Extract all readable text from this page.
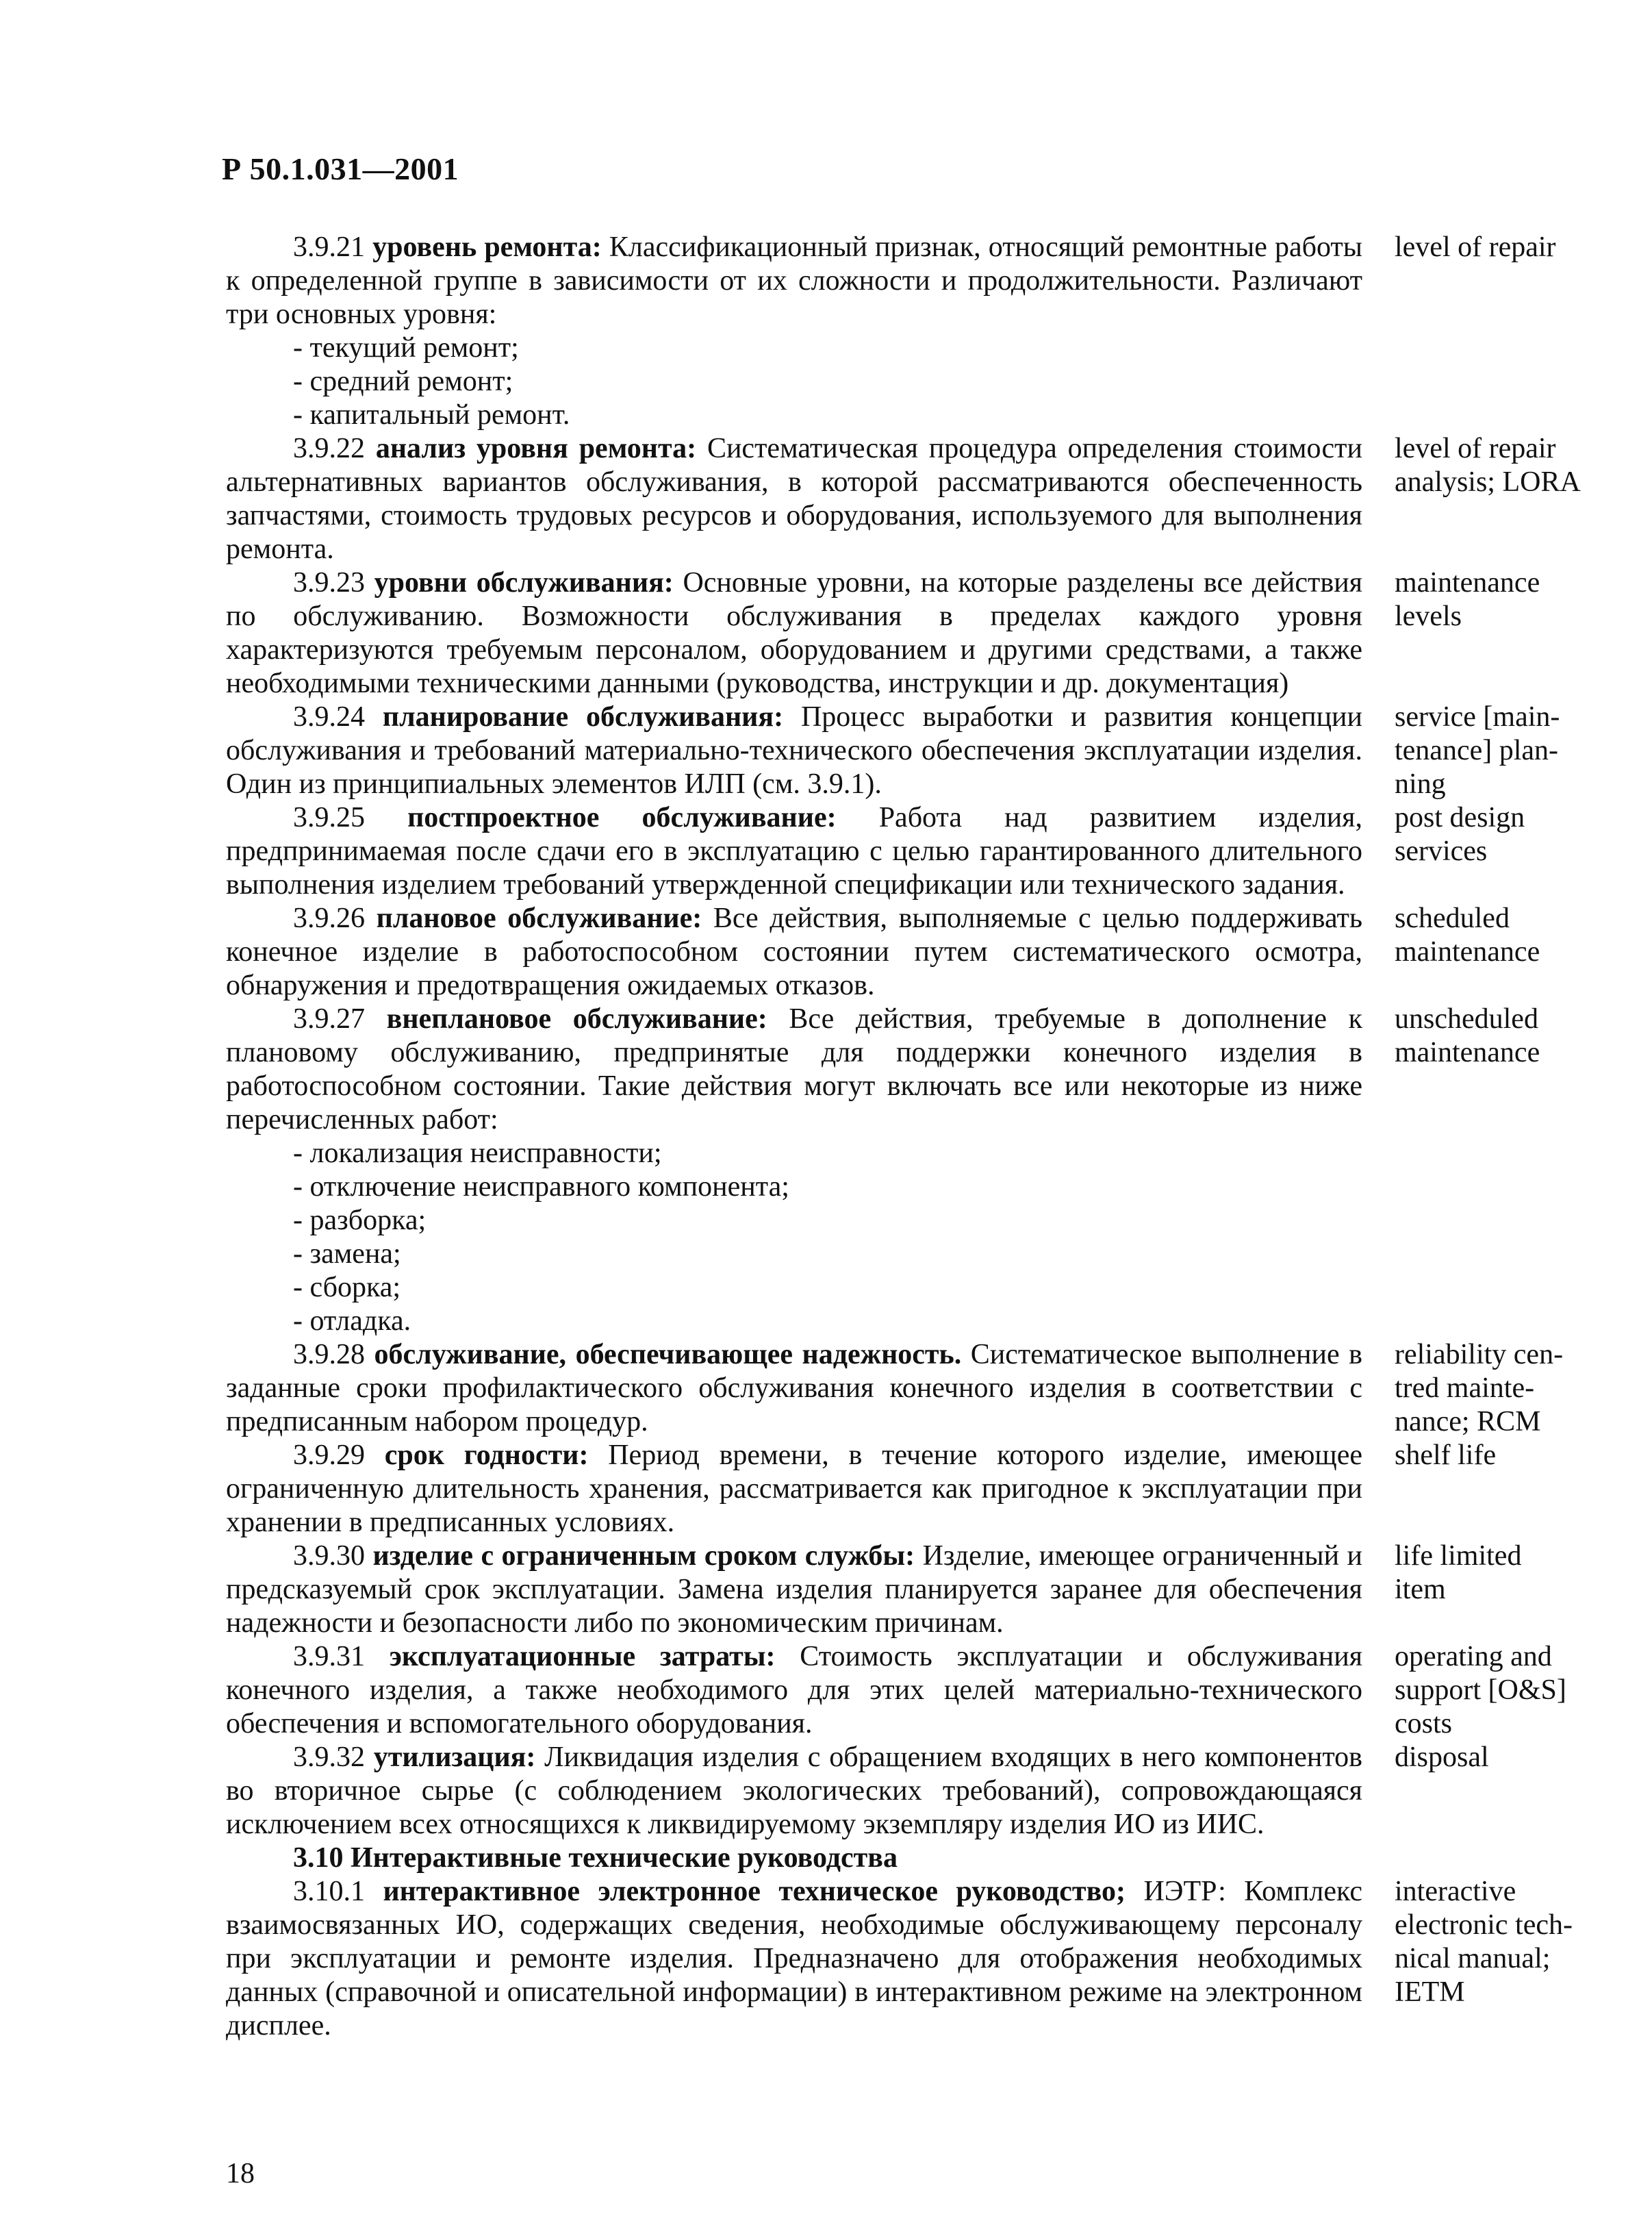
Р 50.1.031—2001
3.9.21 уровень ремонта: Классификационный признак, относящий ремонтные работы к определенной группе в зависимости от их сложности и продолжительности. Различают три основных уровня:
- текущий ремонт;
- средний ремонт;
- капитальный ремонт.
level of repair
3.9.22 анализ уровня ремонта: Систематическая процедура определения стоимости альтернативных вариантов обслуживания, в которой рассматриваются обеспеченность запчастями, стоимость трудовых ресурсов и оборудования, используемого для выполнения ремонта.
level of repair
analysis; LORA
3.9.23 уровни обслуживания: Основные уровни, на которые разделены все действия по обслуживанию. Возможности обслуживания в пределах каждого уровня характеризуются требуемым персоналом, оборудованием и другими средствами, а также необходимыми техническими данными (руководства, инструкции и др. документация)
maintenance
levels
3.9.24 планирование обслуживания: Процесс выработки и развития концепции обслуживания и требований материально-технического обеспечения эксплуатации изделия. Один из принципиальных элементов ИЛП (см. 3.9.1).
service [main-
tenance] plan-
ning
3.9.25 постпроектное обслуживание: Работа над развитием изделия, предпринимаемая после сдачи его в эксплуатацию с целью гарантированного длительного выполнения изделием требований утвержденной спецификации или технического задания.
post design
services
3.9.26 плановое обслуживание: Все действия, выполняемые с целью поддерживать конечное изделие в работоспособном состоянии путем систематического осмотра, обнаружения и предотвращения ожидаемых отказов.
scheduled
maintenance
3.9.27 внеплановое обслуживание: Все действия, требуемые в дополнение к плановому обслуживанию, предпринятые для поддержки конечного изделия в работоспособном состоянии. Такие действия могут включать все или некоторые из ниже перечисленных работ:
- локализация неисправности;
- отключение неисправного компонента;
- разборка;
- замена;
- сборка;
- отладка.
unscheduled
maintenance
3.9.28 обслуживание, обеспечивающее надежность. Систематическое выполнение в заданные сроки профилактического обслуживания конечного изделия в соответствии с предписанным набором процедур.
reliability cen-
tred mainte-
nance; RCM
3.9.29 срок годности: Период времени, в течение которого изделие, имеющее ограниченную длительность хранения, рассматривается как пригодное к эксплуатации при хранении в предписанных условиях.
shelf life
3.9.30 изделие с ограниченным сроком службы: Изделие, имеющее ограниченный и предсказуемый срок эксплуатации. Замена изделия планируется заранее для обеспечения надежности и безопасности либо по экономическим причинам.
life limited
item
3.9.31 эксплуатационные затраты: Стоимость эксплуатации и обслуживания конечного изделия, а также необходимого для этих целей материально-технического обеспечения и вспомогательного оборудования.
operating and
support [O&S]
costs
3.9.32 утилизация: Ликвидация изделия с обращением входящих в него компонентов во вторичное сырье (с соблюдением экологических требований), сопровождающаяся исключением всех относящихся к ликвидируемому экземпляру изделия ИО из ИИС.
disposal
3.10 Интерактивные технические руководства
3.10.1 интерактивное электронное техническое руководство; ИЭТР: Комплекс взаимосвязанных ИО, содержащих сведения, необходимые обслуживающему персоналу при эксплуатации и ремонте изделия. Предназначено для отображения необходимых данных (справочной и описательной информации) в интерактивном режиме на электронном дисплее.
interactive
electronic tech-
nical manual;
IETM
18
